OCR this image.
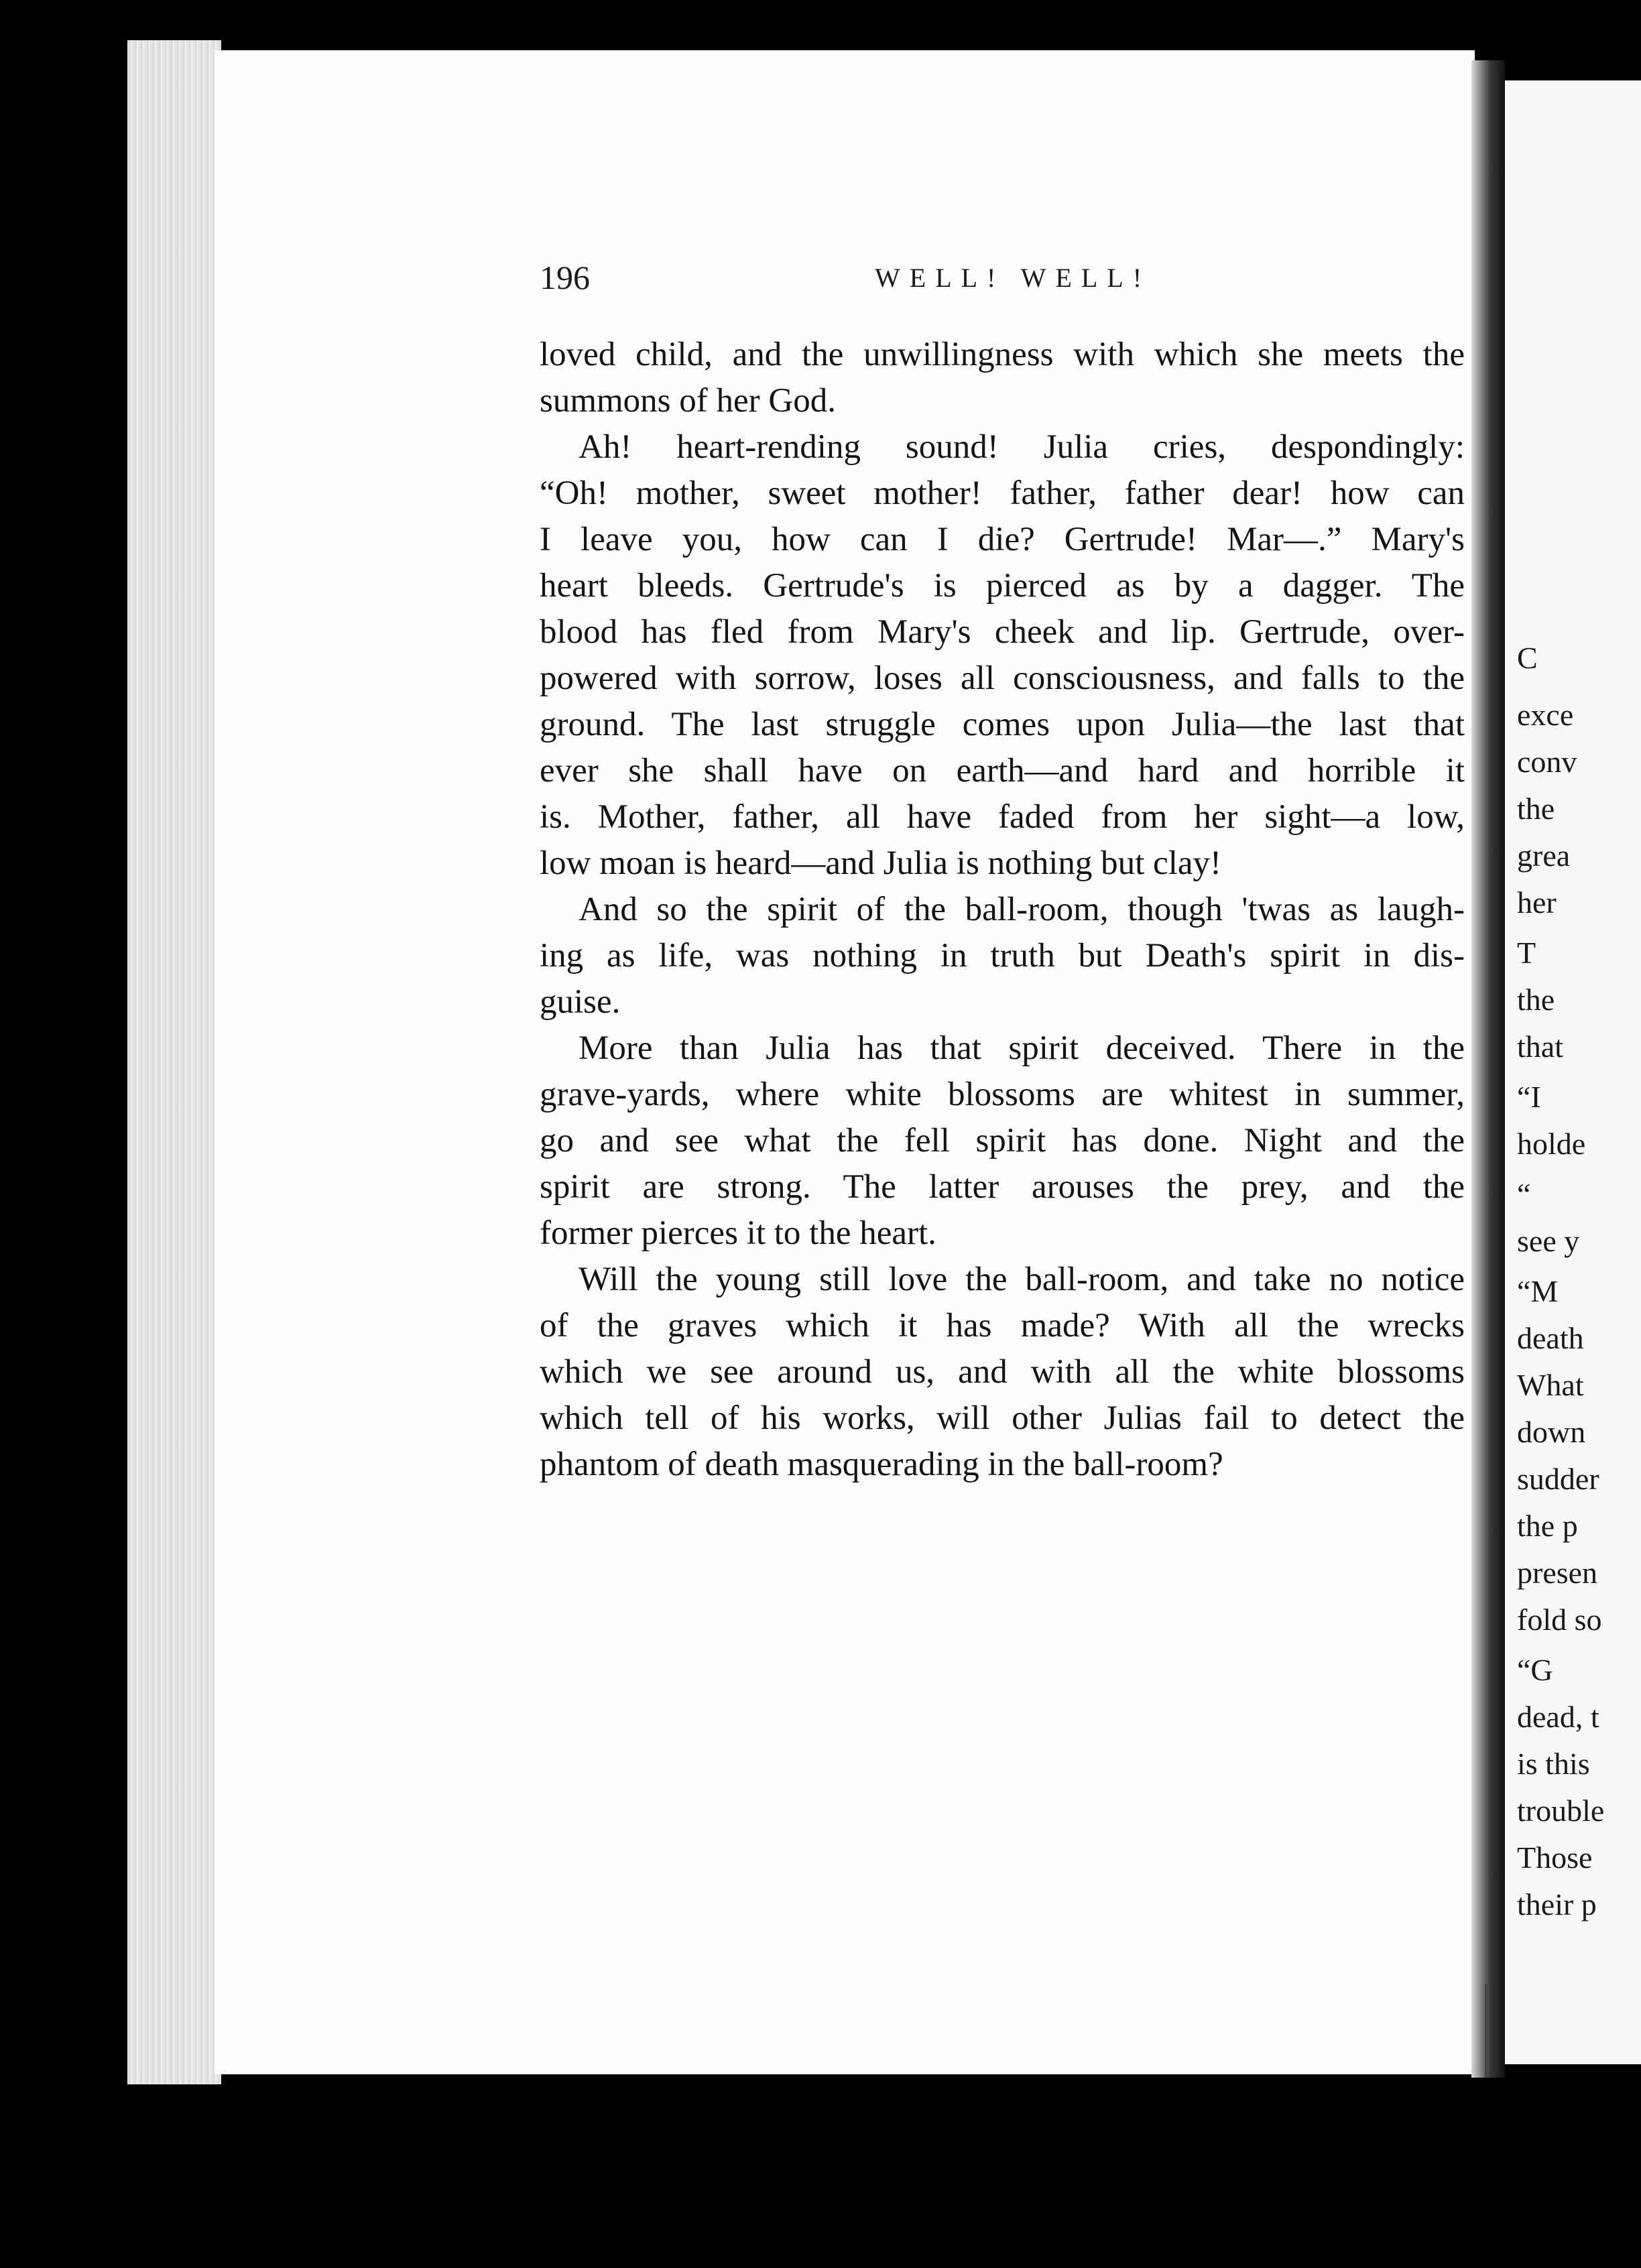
C
exce
conv
the
grea
her
T
the
that
“I
holde
“
see y
“M
death
What
down
sudder
the p
presen
fold so
“G
dead, t
is this
trouble
Those
their p
196	WELL! WELL!
loved child, and the unwillingness with which she meets the
summons of her God.
Ah! heart-rending sound! Julia cries, despondingly:
“Oh! mother, sweet mother! father, father dear! how can
I leave you, how can I die? Gertrude! Mar—.” Mary's
heart bleeds. Gertrude's is pierced as by a dagger. The
blood has fled from Mary's cheek and lip. Gertrude, over-
powered with sorrow, loses all consciousness, and falls to the
ground. The last struggle comes upon Julia—the last that
ever she shall have on earth—and hard and horrible it
is. Mother, father, all have faded from her sight—a low,
low moan is heard—and Julia is nothing but clay!
And so the spirit of the ball-room, though 'twas as laugh-
ing as life, was nothing in truth but Death's spirit in dis-
guise.
More than Julia has that spirit deceived. There in the
grave-yards, where white blossoms are whitest in summer,
go and see what the fell spirit has done. Night and the
spirit are strong. The latter arouses the prey, and the
former pierces it to the heart.
Will the young still love the ball-room, and take no notice
of the graves which it has made? With all the wrecks
which we see around us, and with all the white blossoms
which tell of his works, will other Julias fail to detect the
phantom of death masquerading in the ball-room?
